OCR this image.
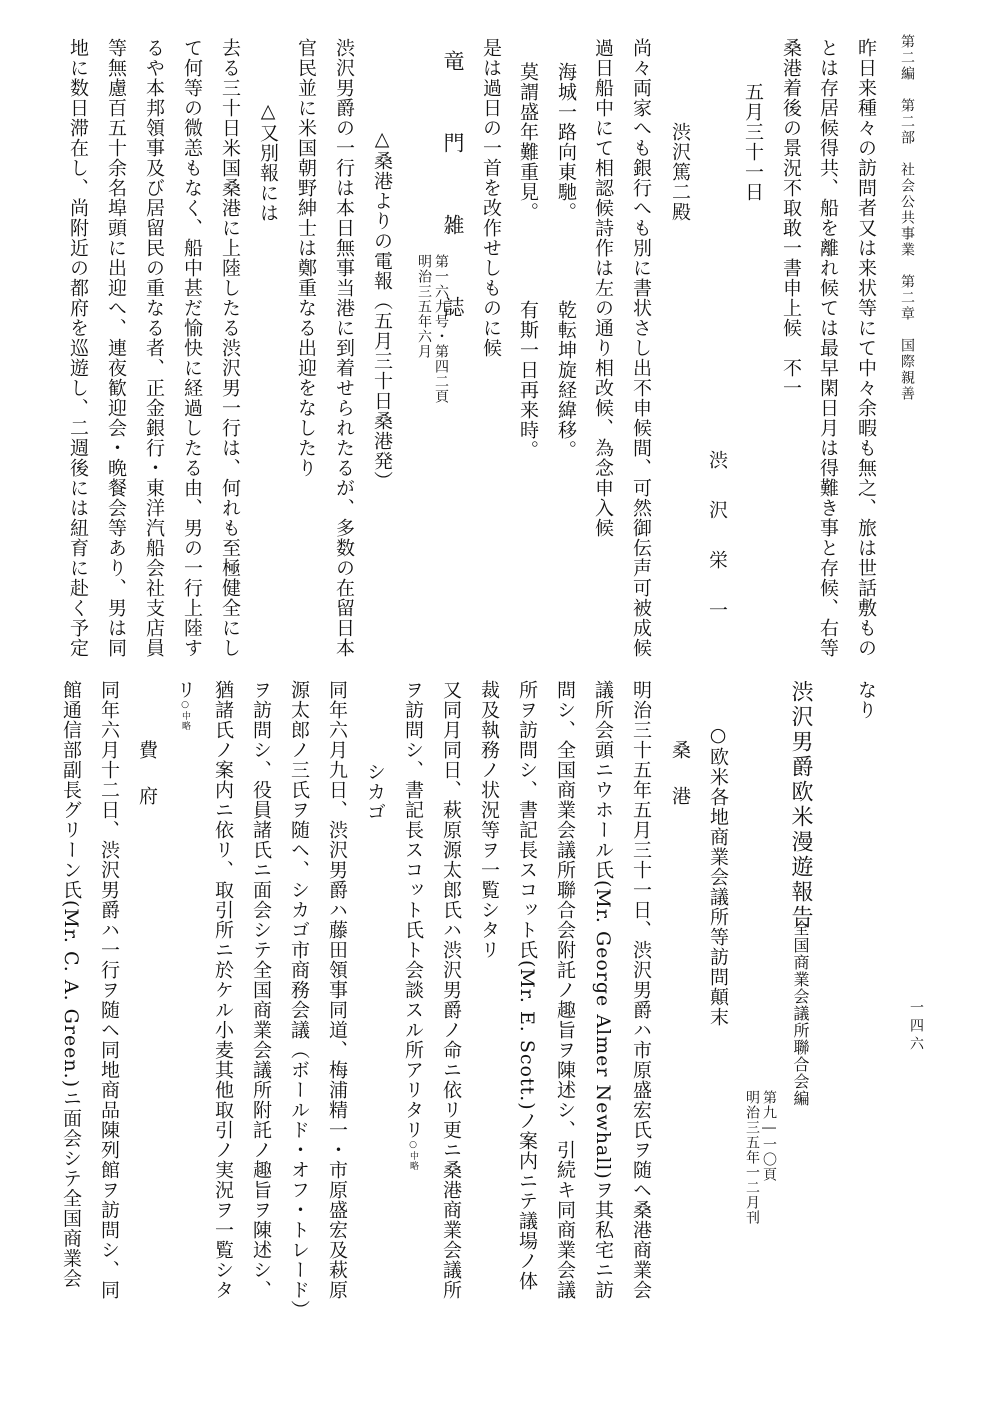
第二編　第二部　社会公共事業　第二章　国際親善
一四六
昨日来種々の訪問者又は来状等にて中々余暇も無之、旅は世話敷もの
とは存居候得共、船を離れ候ては最早閑日月は得難き事と存候、右等
桑港着後の景況不取敢一書申上候　不一
五月三十一日
渋　沢　栄　一
渋沢篤二殿
尚々両家へも銀行へも別に書状さし出不申候間、可然御伝声可被成候
過日船中にて相認候詩作は左の通り相改候、為念申入候
海城一路向東馳。
乾転坤旋経緯移。
莫謂盛年難重見。
有斯一日再来時。
是は過日の一首を改作せしものに候
竜　門　雑　誌
第一六九号・第四二頁
明治三五年六月
△桑港よりの電報（五月三十日桑港発）
渋沢男爵の一行は本日無事当港に到着せられたるが、多数の在留日本
官民並に米国朝野紳士は鄭重なる出迎をなしたり
△又別報には
去る三十日米国桑港に上陸したる渋沢男一行は、何れも至極健全にし
て何等の微恙もなく、船中甚だ愉快に経過したる由、男の一行上陸す
るや本邦領事及び居留民の重なる者、正金銀行・東洋汽船会社支店員
等無慮百五十余名埠頭に出迎へ、連夜歓迎会・晩餐会等あり、男は同
地に数日滞在し、尚附近の都府を巡遊し、二週後には紐育に赴く予定
なり
渋沢男爵欧米漫遊報告
全国商業会議所聯合会編
第九―一〇頁
明治三五年一二月刊
○欧米各地商業会議所等訪問顛末
桑　港
明治三十五年五月三十一日、渋沢男爵ハ市原盛宏氏ヲ随ヘ桑港商業会
議所会頭ニウホール氏(Mr. George Almer Newhall)ヲ其私宅ニ訪
問シ、全国商業会議所聯合会附託ノ趣旨ヲ陳述シ、引続キ同商業会議
所ヲ訪問シ、書記長スコット氏(Mr. E. Scott.)ノ案内ニテ議場ノ体
裁及執務ノ状況等ヲ一覧シタリ
又同月同日、萩原源太郎氏ハ渋沢男爵ノ命ニ依リ更ニ桑港商業会議所
ヲ訪問シ、書記長スコット氏ト会談スル所アリタリ○中略
シカゴ
同年六月九日、渋沢男爵ハ藤田領事同道、梅浦精一・市原盛宏及萩原
源太郎ノ三氏ヲ随ヘ、シカゴ市商務会議（ボールド・オフ・トレード）
ヲ訪問シ、役員諸氏ニ面会シテ全国商業会議所附託ノ趣旨ヲ陳述シ、
猶諸氏ノ案内ニ依リ、取引所ニ於ケル小麦其他取引ノ実況ヲ一覧シタ
リ○中略
費　府
同年六月十二日、渋沢男爵ハ一行ヲ随ヘ同地商品陳列館ヲ訪問シ、同
館通信部副長グリーン氏(Mr. C. A. Green.)ニ面会シテ全国商業会
